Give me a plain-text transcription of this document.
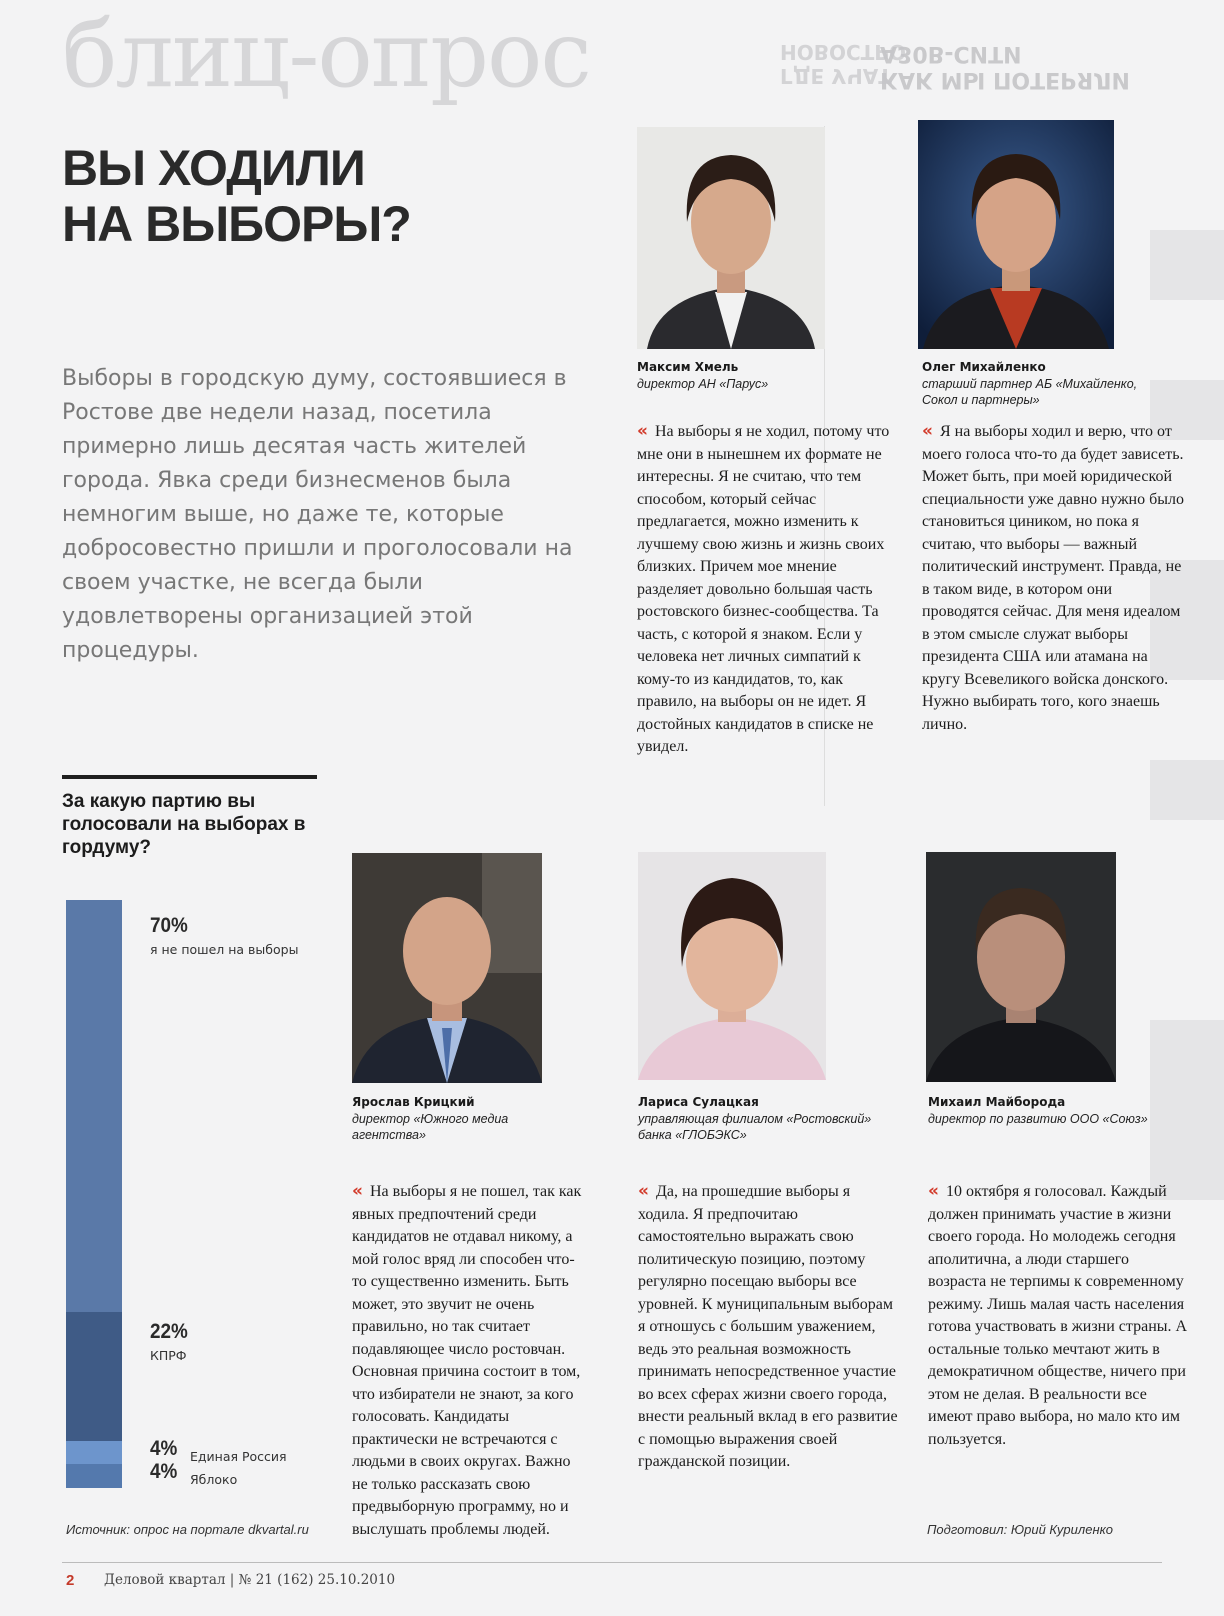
КАК МЫ ПОТЕРЯЛИ
А30В-СИТИ
ГДЕ УЧАТ
НОВОСТРО
блиц-опрос
ВЫ ХОДИЛИ
НА ВЫБОРЫ?
Выборы в городскую думу, состоявшиеся в Ростове две недели назад, посетила примерно лишь десятая часть жителей города. Явка среди бизнесменов была немногим выше, но даже те, которые добросовестно пришли и проголосовали на своем участке, не всегда были удовлетворены организацией этой процедуры.
Максим Хмель
директор АН «Парус»
« На выборы я не ходил, потому что мне они в нынешнем их формате не интересны. Я не считаю, что тем способом, который сейчас предлагается, можно изменить к лучшему свою жизнь и жизнь своих близких. Причем мое мнение разделяет довольно большая часть ростовского бизнес-сообщества. Та часть, с которой я знаком. Если у человека нет личных симпатий к кому-то из кандидатов, то, как правило, на выборы он не идет. Я достойных кандидатов в списке не увидел.
Олег Михайленко
старший партнер АБ «Михайленко, Сокол и партнеры»
« Я на выборы ходил и верю, что от моего голоса что-то да будет зависеть. Может быть, при моей юридической специальности уже давно нужно было становиться циником, но пока я считаю, что выборы — важный политический инструмент. Правда, не в таком виде, в котором они проводятся сейчас. Для меня идеалом в этом смысле служат выборы президента США или атамана на кругу Всевеликого войска донского. Нужно выбирать того, кого знаешь лично.
За какую партию вы голосовали на выборах в гордуму?
Источник: опрос на портале dkvartal.ru
Ярослав Крицкий
директор «Южного медиа агентства»
« На выборы я не пошел, так как явных предпочтений среди кандидатов не отдавал никому, а мой голос вряд ли способен что-то существенно изменить. Быть может, это звучит не очень правильно, но так считает подавляющее число ростовчан. Основная причина состоит в том, что избиратели не знают, за кого голосовать. Кандидаты практически не встречаются с людьми в своих округах. Важно не только рассказать свою предвыборную программу, но и выслушать проблемы людей.
Лариса Сулацкая
управляющая филиалом «Ростовский» банка «ГЛОБЭКС»
« Да, на прошедшие выборы я ходила. Я предпочитаю самостоятельно выражать свою политическую позицию, поэтому регулярно посещаю выборы все уровней. К муниципальным выборам я отношусь с большим уважением, ведь это реальная возможность принимать непосредственное участие во всех сферах жизни своего города, внести реальный вклад в его развитие с помощью выражения своей гражданской позиции.
Михаил Майборода
директор по развитию ООО «Союз»
« 10 октября я голосовал. Каждый должен принимать участие в жизни своего города. Но молодежь сегодня аполитична, а люди старшего возраста не терпимы к современному режиму. Лишь малая часть населения готова участвовать в жизни страны. А остальные только мечтают жить в демократичном обществе, ничего при этом не делая. В реальности все имеют право выбора, но мало кто им пользуется.
Подготовил: Юрий Куриленко
2 Деловой квартал | № 21 (162) 25.10.2010
70%
я не пошел на выборы
22%
КПРФ
4% Единая Россия
4% Яблоко
